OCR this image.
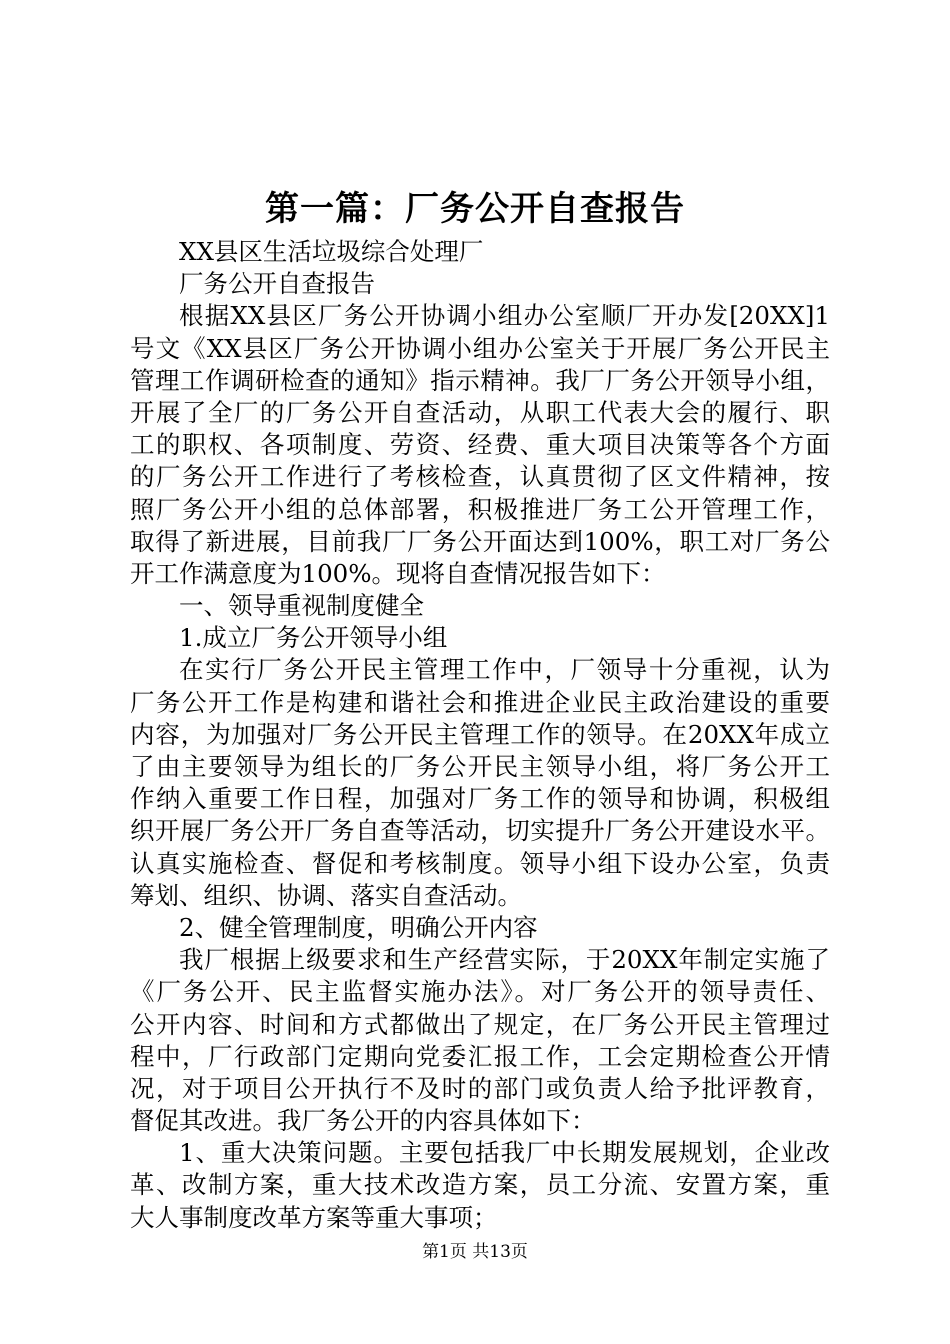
第一篇：厂务公开自查报告
XX县区生活垃圾综合处理厂
厂务公开自查报告
根据XX县区厂务公开协调小组办公室顺厂开办发[20XX]1
号文《XX县区厂务公开协调小组办公室关于开展厂务公开民主
管理工作调研检查的通知》指示精神。我厂厂务公开领导小组，
开展了全厂的厂务公开自查活动，从职工代表大会的履行、职
工的职权、各项制度、劳资、经费、重大项目决策等各个方面
的厂务公开工作进行了考核检查，认真贯彻了区文件精神，按
照厂务公开小组的总体部署，积极推进厂务工公开管理工作，
取得了新进展，目前我厂厂务公开面达到100%，职工对厂务公
开工作满意度为100%。现将自查情况报告如下：
一、领导重视制度健全
1.成立厂务公开领导小组
在实行厂务公开民主管理工作中，厂领导十分重视，认为
厂务公开工作是构建和谐社会和推进企业民主政治建设的重要
内容，为加强对厂务公开民主管理工作的领导。在20XX年成立
了由主要领导为组长的厂务公开民主领导小组，将厂务公开工
作纳入重要工作日程，加强对厂务工作的领导和协调，积极组
织开展厂务公开厂务自查等活动，切实提升厂务公开建设水平。
认真实施检查、督促和考核制度。领导小组下设办公室，负责
筹划、组织、协调、落实自查活动。
2、健全管理制度，明确公开内容
我厂根据上级要求和生产经营实际，于20XX年制定实施了
《厂务公开、民主监督实施办法》。对厂务公开的领导责任、
公开内容、时间和方式都做出了规定，在厂务公开民主管理过
程中，厂行政部门定期向党委汇报工作，工会定期检查公开情
况，对于项目公开执行不及时的部门或负责人给予批评教育，
督促其改进。我厂务公开的内容具体如下：
1、重大决策问题。主要包括我厂中长期发展规划，企业改
革、改制方案，重大技术改造方案，员工分流、安置方案，重
大人事制度改革方案等重大事项；
第1页 共13页
